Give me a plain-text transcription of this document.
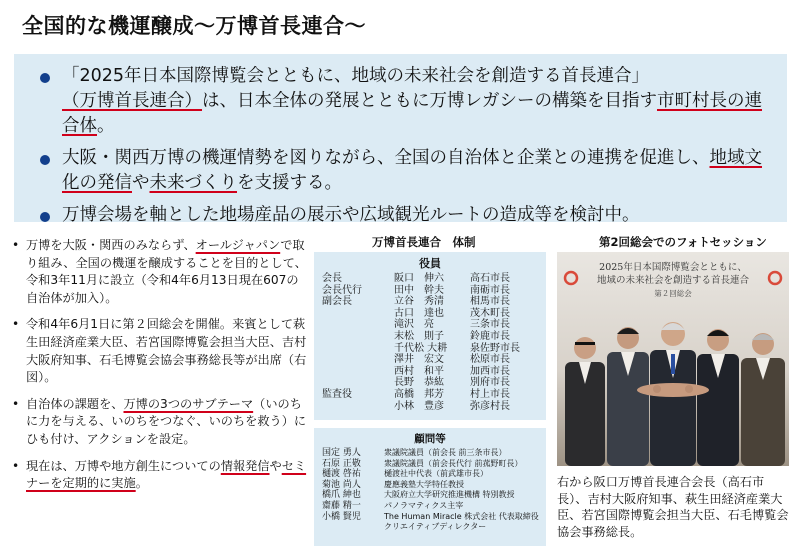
全国的な機運醸成～万博首長連合～
「2025年日本国際博覧会とともに、地域の未来社会を創造する首長連合」（万博首長連合）は、日本全体の発展とともに万博レガシーの構築を目指す市町村長の連合体。
大阪・関西万博の機運情勢を図りながら、全国の自治体と企業との連携を促進し、地域文化の発信や未来づくりを支援する。
万博会場を軸とした地場産品の展示や広域観光ルートの造成等を検討中。
• 万博を大阪・関西のみならず、オールジャパンで取り組み、全国の機運を醸成することを目的として、令和3年11月に設立（令和4年6月13日現在607の自治体が加入）。
• 令和4年6月1日に第２回総会を開催。来賓として萩生田経済産業大臣、若宮国際博覧会担当大臣、吉村大阪府知事、石毛博覧会協会事務総長等が出席（右図）。
• 自治体の課題を、万博の3つのサブテーマ（いのちに力を与える、いのちをつなぐ、いのちを救う）にひも付け、アクションを設定。
• 現在は、万博や地方創生についての情報発信やセミナーを定期的に実施。
万博首長連合　体制
役員
会長	阪口　伸六	高石市長
会長代行	田中　幹夫	南砺市長
副会長	立谷　秀清	相馬市長
	古口　達也	茂木町長
	滝沢　亮	三条市長
	末松　則子	鈴鹿市長
	千代松 大耕	泉佐野市長
	澤井　宏文	松原市長
	西村　和平	加西市長
	長野　恭紘	別府市長
監査役	高橋　邦芳	村上市長
	小林　豊彦	弥彦村長
顧問等
国定 勇人	衆議院議員（前会長 前三条市長）
石原 正敬	衆議院議員（前会長代行 前菰野町長）
樋渡 啓祐	樋渡社中代表（前武雄市長）
菊池 尚人	慶應義塾大学特任教授
橋爪 紳也	大阪府立大学研究推進機構 特別教授
齋藤 精一	パノラマティクス主宰
小橋 賢児	The Human Miracle 株式会社 代表取締役
	クリエイティブディレクター
第2回総会でのフォトセッション
2025年日本国際博覧会とともに、
地域の未来社会を創造する首長連合
第２回総会
右から阪口万博首長連合会長（高石市長）、吉村大阪府知事、萩生田経済産業大臣、若宮国際博覧会担当大臣、石毛博覧会協会事務総長。
